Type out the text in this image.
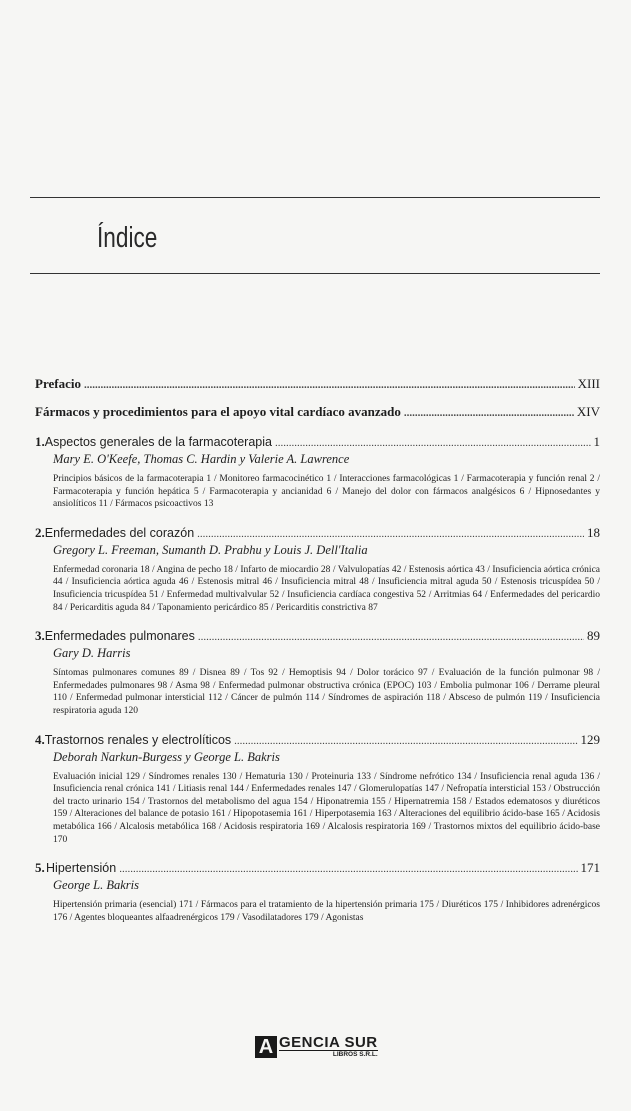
Índice
Prefacio .....	XIII
Fármacos y procedimientos para el apoyo vital cardíaco avanzado .....	XIV
1. Aspectos generales de la farmacoterapia .....	1
Mary E. O'Keefe, Thomas C. Hardin y Valerie A. Lawrence
Principios básicos de la farmacoterapia 1 / Monitoreo farmacocinético 1 / Interacciones farmacológicas 1 / Farmacoterapia y función renal 2 / Farmacoterapia y función hepática 5 / Farmacoterapia y ancianidad 6 / Manejo del dolor con fármacos analgésicos 6 / Hipnosedantes y ansiolíticos 11 / Fármacos psicoactivos 13
2. Enfermedades del corazón .....	18
Gregory L. Freeman, Sumanth D. Prabhu y Louis J. Dell'Italia
Enfermedad coronaria 18 / Angina de pecho 18 / Infarto de miocardio 28 / Valvulopatías 42 / Estenosis aórtica 43 / Insuficiencia aórtica crónica 44 / Insuficiencia aórtica aguda 46 / Estenosis mitral 46 / Insuficiencia mitral 48 / Insuficiencia mitral aguda 50 / Estenosis tricuspídea 50 / Insuficiencia tricuspídea 51 / Enfermedad multivalvular 52 / Insuficiencia cardíaca congestiva 52 / Arritmias 64 / Enfermedades del pericardio 84 / Pericarditis aguda 84 / Taponamiento pericárdico 85 / Pericarditis constrictiva 87
3. Enfermedades pulmonares .....	89
Gary D. Harris
Síntomas pulmonares comunes 89 / Disnea 89 / Tos 92 / Hemoptisis 94 / Dolor torácico 97 / Evaluación de la función pulmonar 98 / Enfermedades pulmonares 98 / Asma 98 / Enfermedad pulmonar obstructiva crónica (EPOC) 103 / Embolia pulmonar 106 / Derrame pleural 110 / Enfermedad pulmonar intersticial 112 / Cáncer de pulmón 114 / Síndromes de aspiración 118 / Absceso de pulmón 119 / Insuficiencia respiratoria aguda 120
4. Trastornos renales y electrolíticos .....	129
Deborah Narkun-Burgess y George L. Bakris
Evaluación inicial 129 / Síndromes renales 130 / Hematuria 130 / Proteinuria 133 / Síndrome nefrótico 134 / Insuficiencia renal aguda 136 / Insuficiencia renal crónica 141 / Litiasis renal 144 / Enfermedades renales 147 / Glomerulopatías 147 / Nefropatía intersticial 153 / Obstrucción del tracto urinario 154 / Trastornos del metabolismo del agua 154 / Hiponatremia 155 / Hipernatremia 158 / Estados edematosos y diuréticos 159 / Alteraciones del balance de potasio 161 / Hipopotasemia 161 / Hiperpotasemia 163 / Alteraciones del equilibrio ácido-base 165 / Acidosis metabólica 166 / Alcalosis metabólica 168 / Acidosis respiratoria 169 / Alcalosis respiratoria 169 / Trastornos mixtos del equilibrio ácido-base 170
5. Hipertensión .....	171
George L. Bakris
Hipertensión primaria (esencial) 171 / Fármacos para el tratamiento de la hipertensión primaria 175 / Diuréticos 175 / Inhibidores adrenérgicos 176 / Agentes bloqueantes alfaadrenérgicos 179 / Vasodilatadores 179 / Agonistas
A GENCIA SUR
LIBROS S.R.L.
